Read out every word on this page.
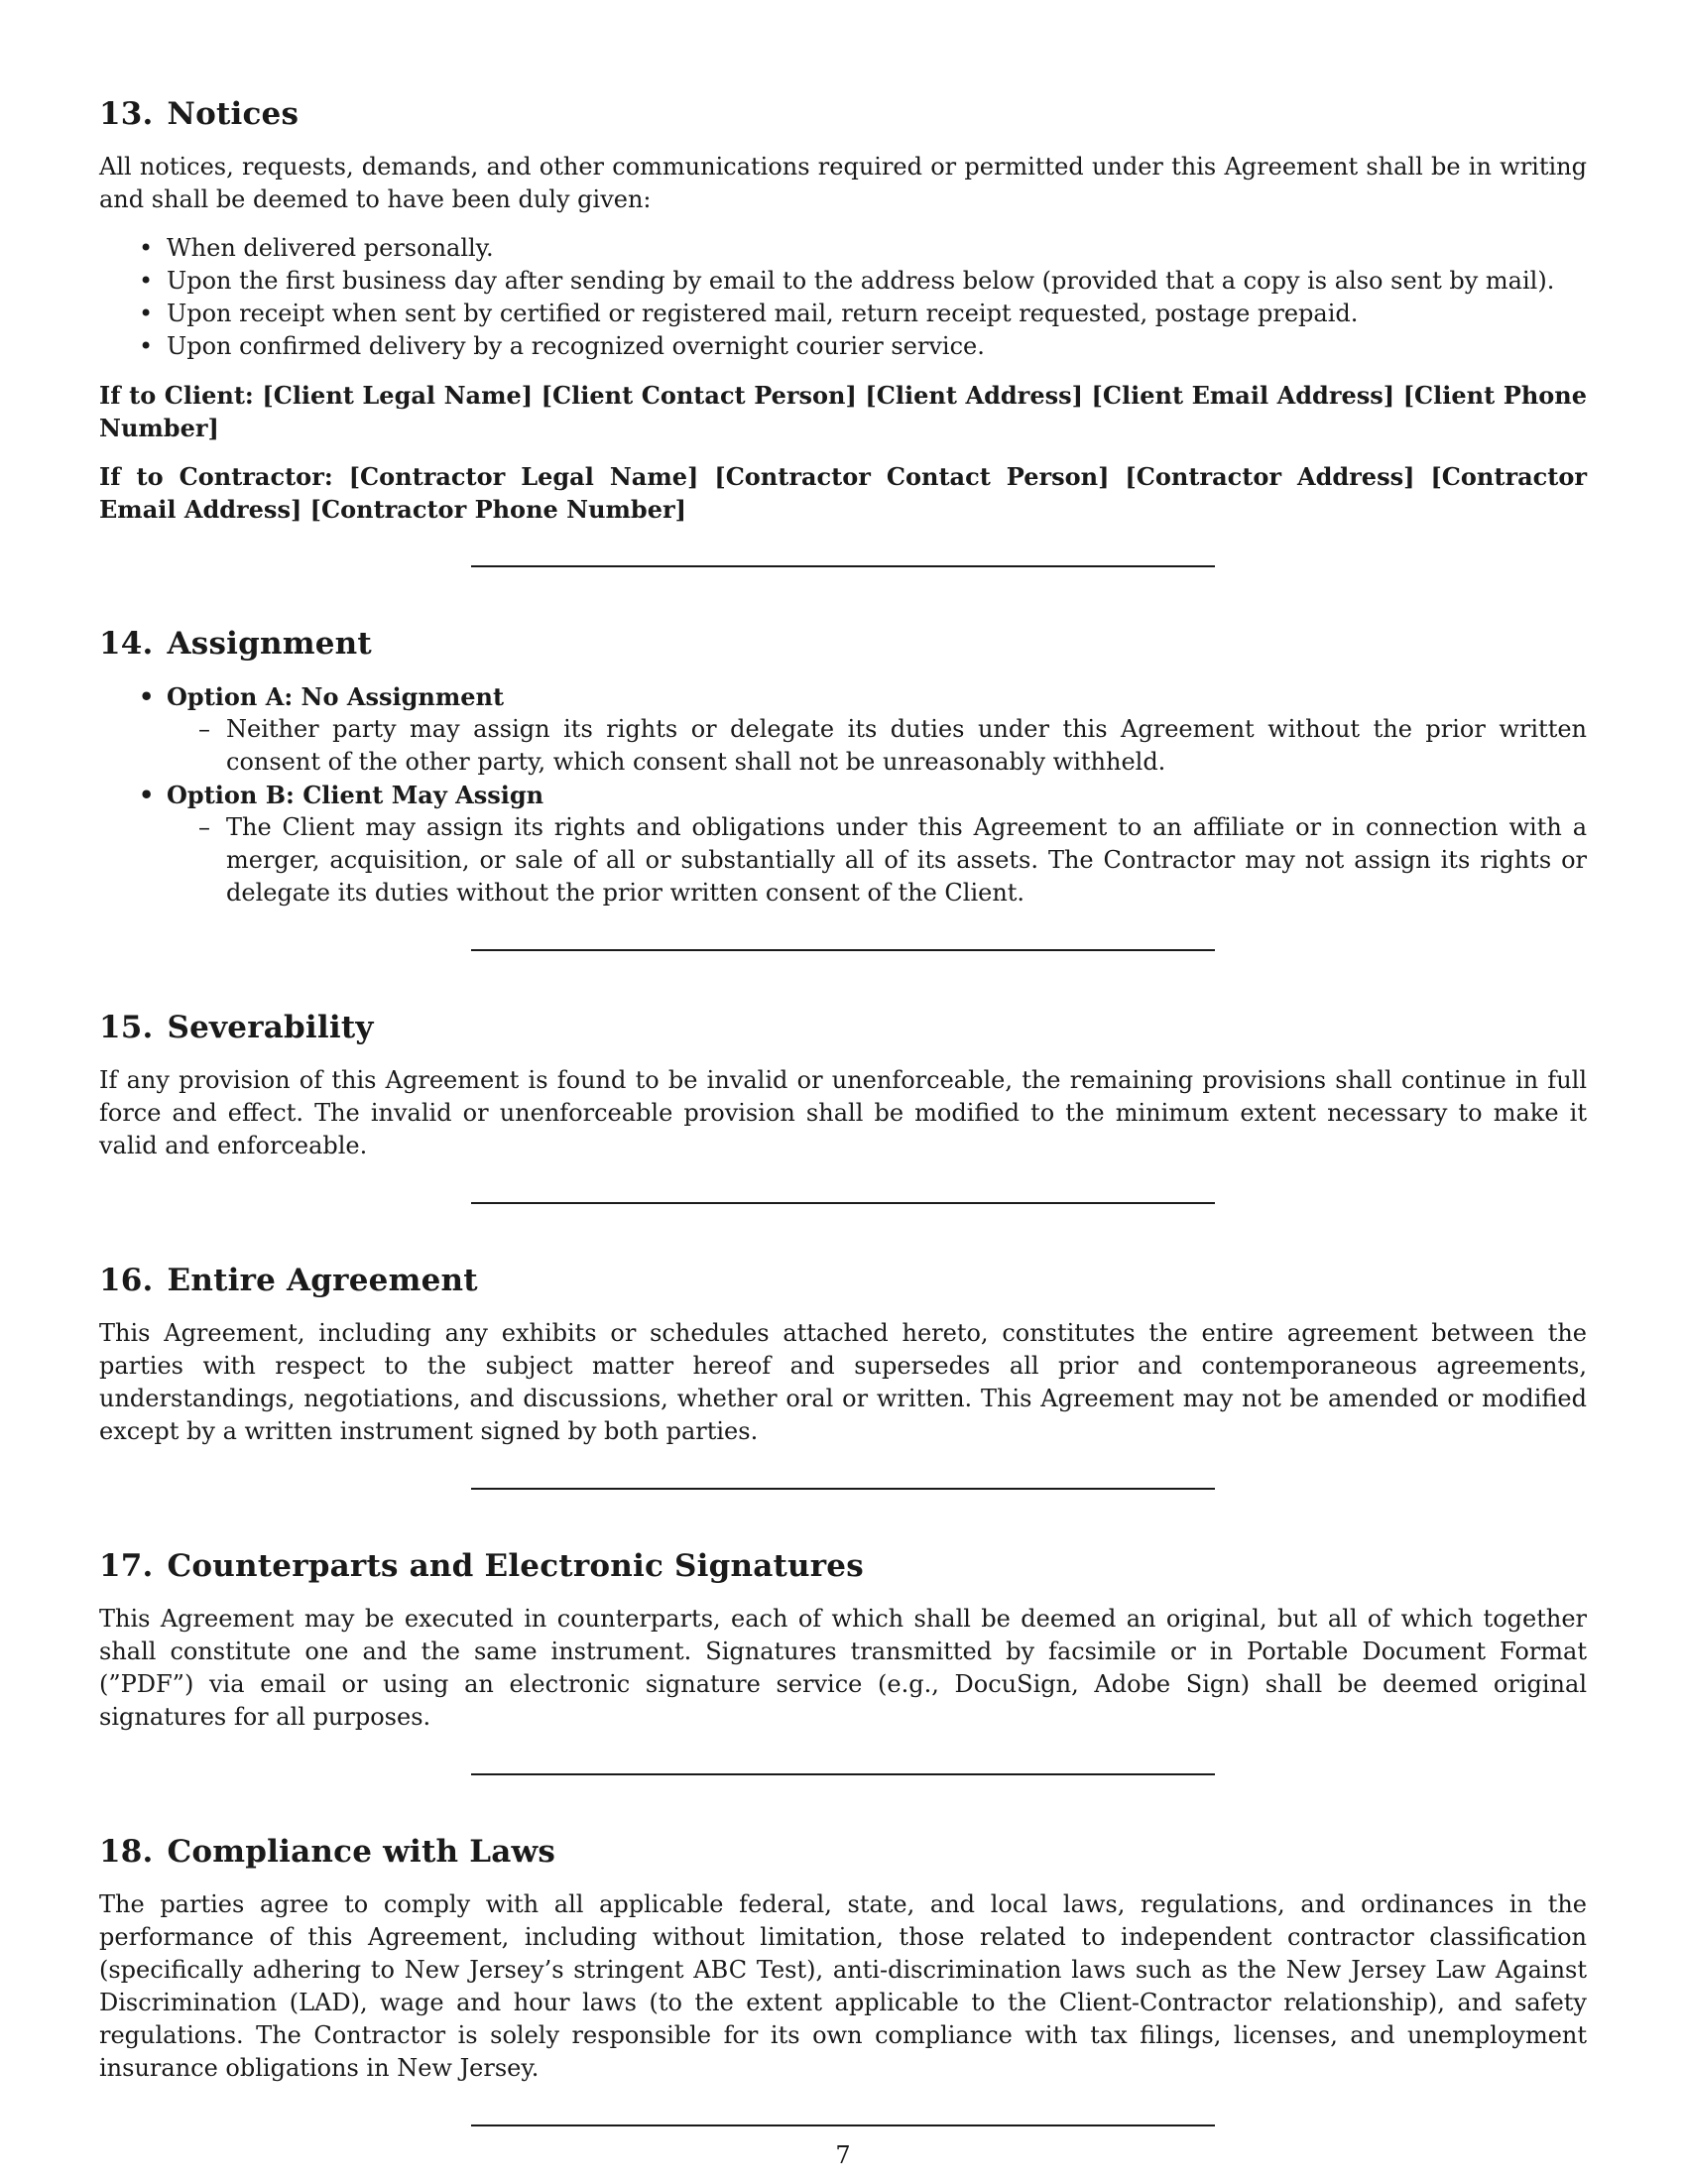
13. Notices

All notices, requests, demands, and other communications required or permitted under this Agreement shall be in writing and shall be deemed to have been duly given:

• When delivered personally.
• Upon the first business day after sending by email to the address below (provided that a copy is also sent by mail).
• Upon receipt when sent by certified or registered mail, return receipt requested, postage prepaid.
• Upon confirmed delivery by a recognized overnight courier service.

If to Client: [Client Legal Name] [Client Contact Person] [Client Address] [Client Email Address] [Client Phone Number]

If to Contractor: [Contractor Legal Name] [Contractor Contact Person] [Contractor Address] [Contractor Email Address] [Contractor Phone Number]

14. Assignment
• Option A: No Assignment
– Neither party may assign its rights or delegate its duties under this Agreement without the prior written consent of the other party, which consent shall not be unreasonably withheld.
• Option B: Client May Assign
– The Client may assign its rights and obligations under this Agreement to an affiliate or in connection with a merger, acquisition, or sale of all or substantially all of its assets. The Contractor may not assign its rights or delegate its duties without the prior written consent of the Client.
15. Severability

If any provision of this Agreement is found to be invalid or unenforceable, the remaining provisions shall continue in full force and effect. The invalid or unenforceable provision shall be modified to the minimum extent necessary to make it valid and enforceable.

16. Entire Agreement

This Agreement, including any exhibits or schedules attached hereto, constitutes the entire agreement between the parties with respect to the subject matter hereof and supersedes all prior and contemporaneous agreements, understandings, negotiations, and discussions, whether oral or written. This Agreement may not be amended or modified except by a written instrument signed by both parties.

17. Counterparts and Electronic Signatures

This Agreement may be executed in counterparts, each of which shall be deemed an original, but all of which together shall constitute one and the same instrument. Signatures transmitted by facsimile or in Portable Document Format (”PDF”) via email or using an electronic signature service (e.g., DocuSign, Adobe Sign) shall be deemed original signatures for all purposes.

18. Compliance with Laws

The parties agree to comply with all applicable federal, state, and local laws, regulations, and ordinances in the performance of this Agreement, including without limitation, those related to independent contractor classification (specifically adhering to New Jersey’s stringent ABC Test), anti-discrimination laws such as the New Jersey Law Against Discrimination (LAD), wage and hour laws (to the extent applicable to the Client-Contractor relationship), and safety regulations. The Contractor is solely responsible for its own compliance with tax filings, licenses, and unemployment insurance obligations in New Jersey.

7
